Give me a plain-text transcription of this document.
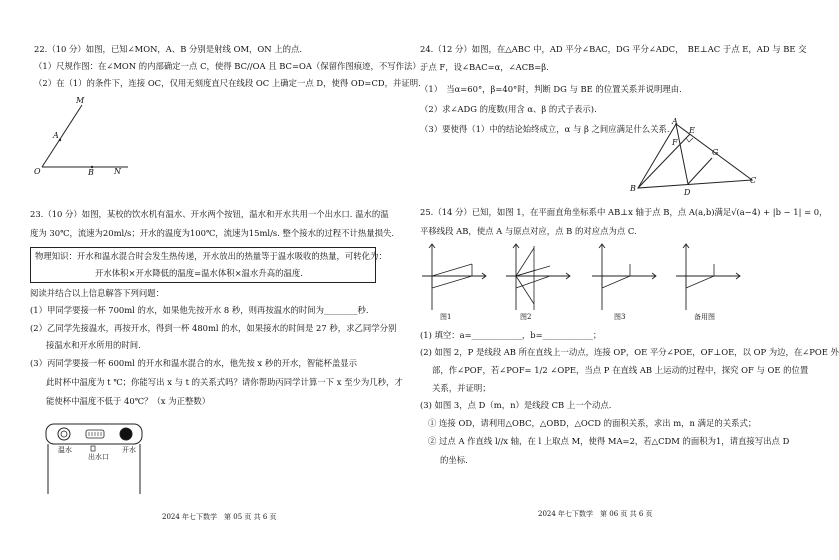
22.（10 分）如图，已知∠MON，A、B 分别是射线 OM，ON 上的点.
（1）尺规作图：在∠MON 的内部确定一点 C，使得 BC//OA 且 BC=OA（保留作图痕迹，不写作法）;
（2）在（1）的条件下，连接 OC，仅用无刻度直尺在线段 OC 上确定一点 D，使得 OD=CD，并证明.
M
A
O	B	N
23.（10 分）如图，某校的饮水机有温水、开水两个按钮，温水和开水共用一个出水口. 温水的温
度为 30℃，流速为20ml/s；开水的温度为100℃，流速为15ml/s. 整个接水的过程不计热量损失.
物理知识：开水和温水混合时会发生热传递，开水放出的热量等于温水吸收的热量，可转化为：
开水体积×开水降低的温度=温水体积×温水升高的温度.
阅读并结合以上信息解答下列问题：
(1）甲同学要接一杯 700ml 的水，如果他先按开水 8 秒，则再按温水的时间为________秒.
(2）乙同学先接温水，再按开水，得到一杯 480ml 的水，如果接水的时间是 27 秒，求乙同学分别
接温水和开水所用的时间.
(3）丙同学要接一杯 600ml 的开水和温水混合的水，他先按 x 秒的开水，智能杯盖显示
此时杯中温度为 t ℃；你能写出 x 与 t 的关系式吗？请你帮助丙同学计算一下 x 至少为几秒，才
能使杯中温度不低于 40℃？（x 为正整数）
温水
出水口
开水
2024 年七下数学　第 05 页 共 6 页
24.（12 分）如图，在△ABC 中，AD 平分∠BAC，DG 平分∠ADC，　BE⊥AC 于点 E，AD 与 BE 交
于点 F，设∠BAC=α，∠ACB=β.
（1）　当α=60°，β=40°时，判断 DG 与 BE 的位置关系并说明理由.
（2）求∠ADG 的度数(用含 α、β 的式子表示).
（3）要使得（1）中的结论始终成立，α 与 β 之间应满足什么关系.
A
E
F
G
B	D
C
25.（14 分）已知，如图 1，在平面直角坐标系中 AB⊥x 轴于点 B，点 A(a,b)满足√(a−4) + |b − 1| = 0，
平移线段 AB，使点 A 与原点对应，点 B 的对应点为点 C.
图1	图2	图3	备用图
(1) 填空：a=____________，b=____________；
(2) 如图 2，P 是线段 AB 所在直线上一动点，连接 OP，OE 平分∠POE，OF⊥OE，以 OP 为边，在∠POE 外
部，作∠POF，若∠POF= 1/2 ∠OPE，当点 P 在直线 AB 上运动的过程中，探究 OF 与 OE 的位置
关系，并证明；
(3) 如图 3，点 D（m，n）是线段 CB 上一个动点.
① 连接 OD，请利用△OBC，△OBD，△OCD 的面积关系，求出 m，n 满足的关系式；
② 过点 A 作直线 l//x 轴，在 l 上取点 M，使得 MA=2，若△CDM 的面积为1，请直接写出点 D
的坐标.
2024 年七下数学　第 06 页 共 6 页
